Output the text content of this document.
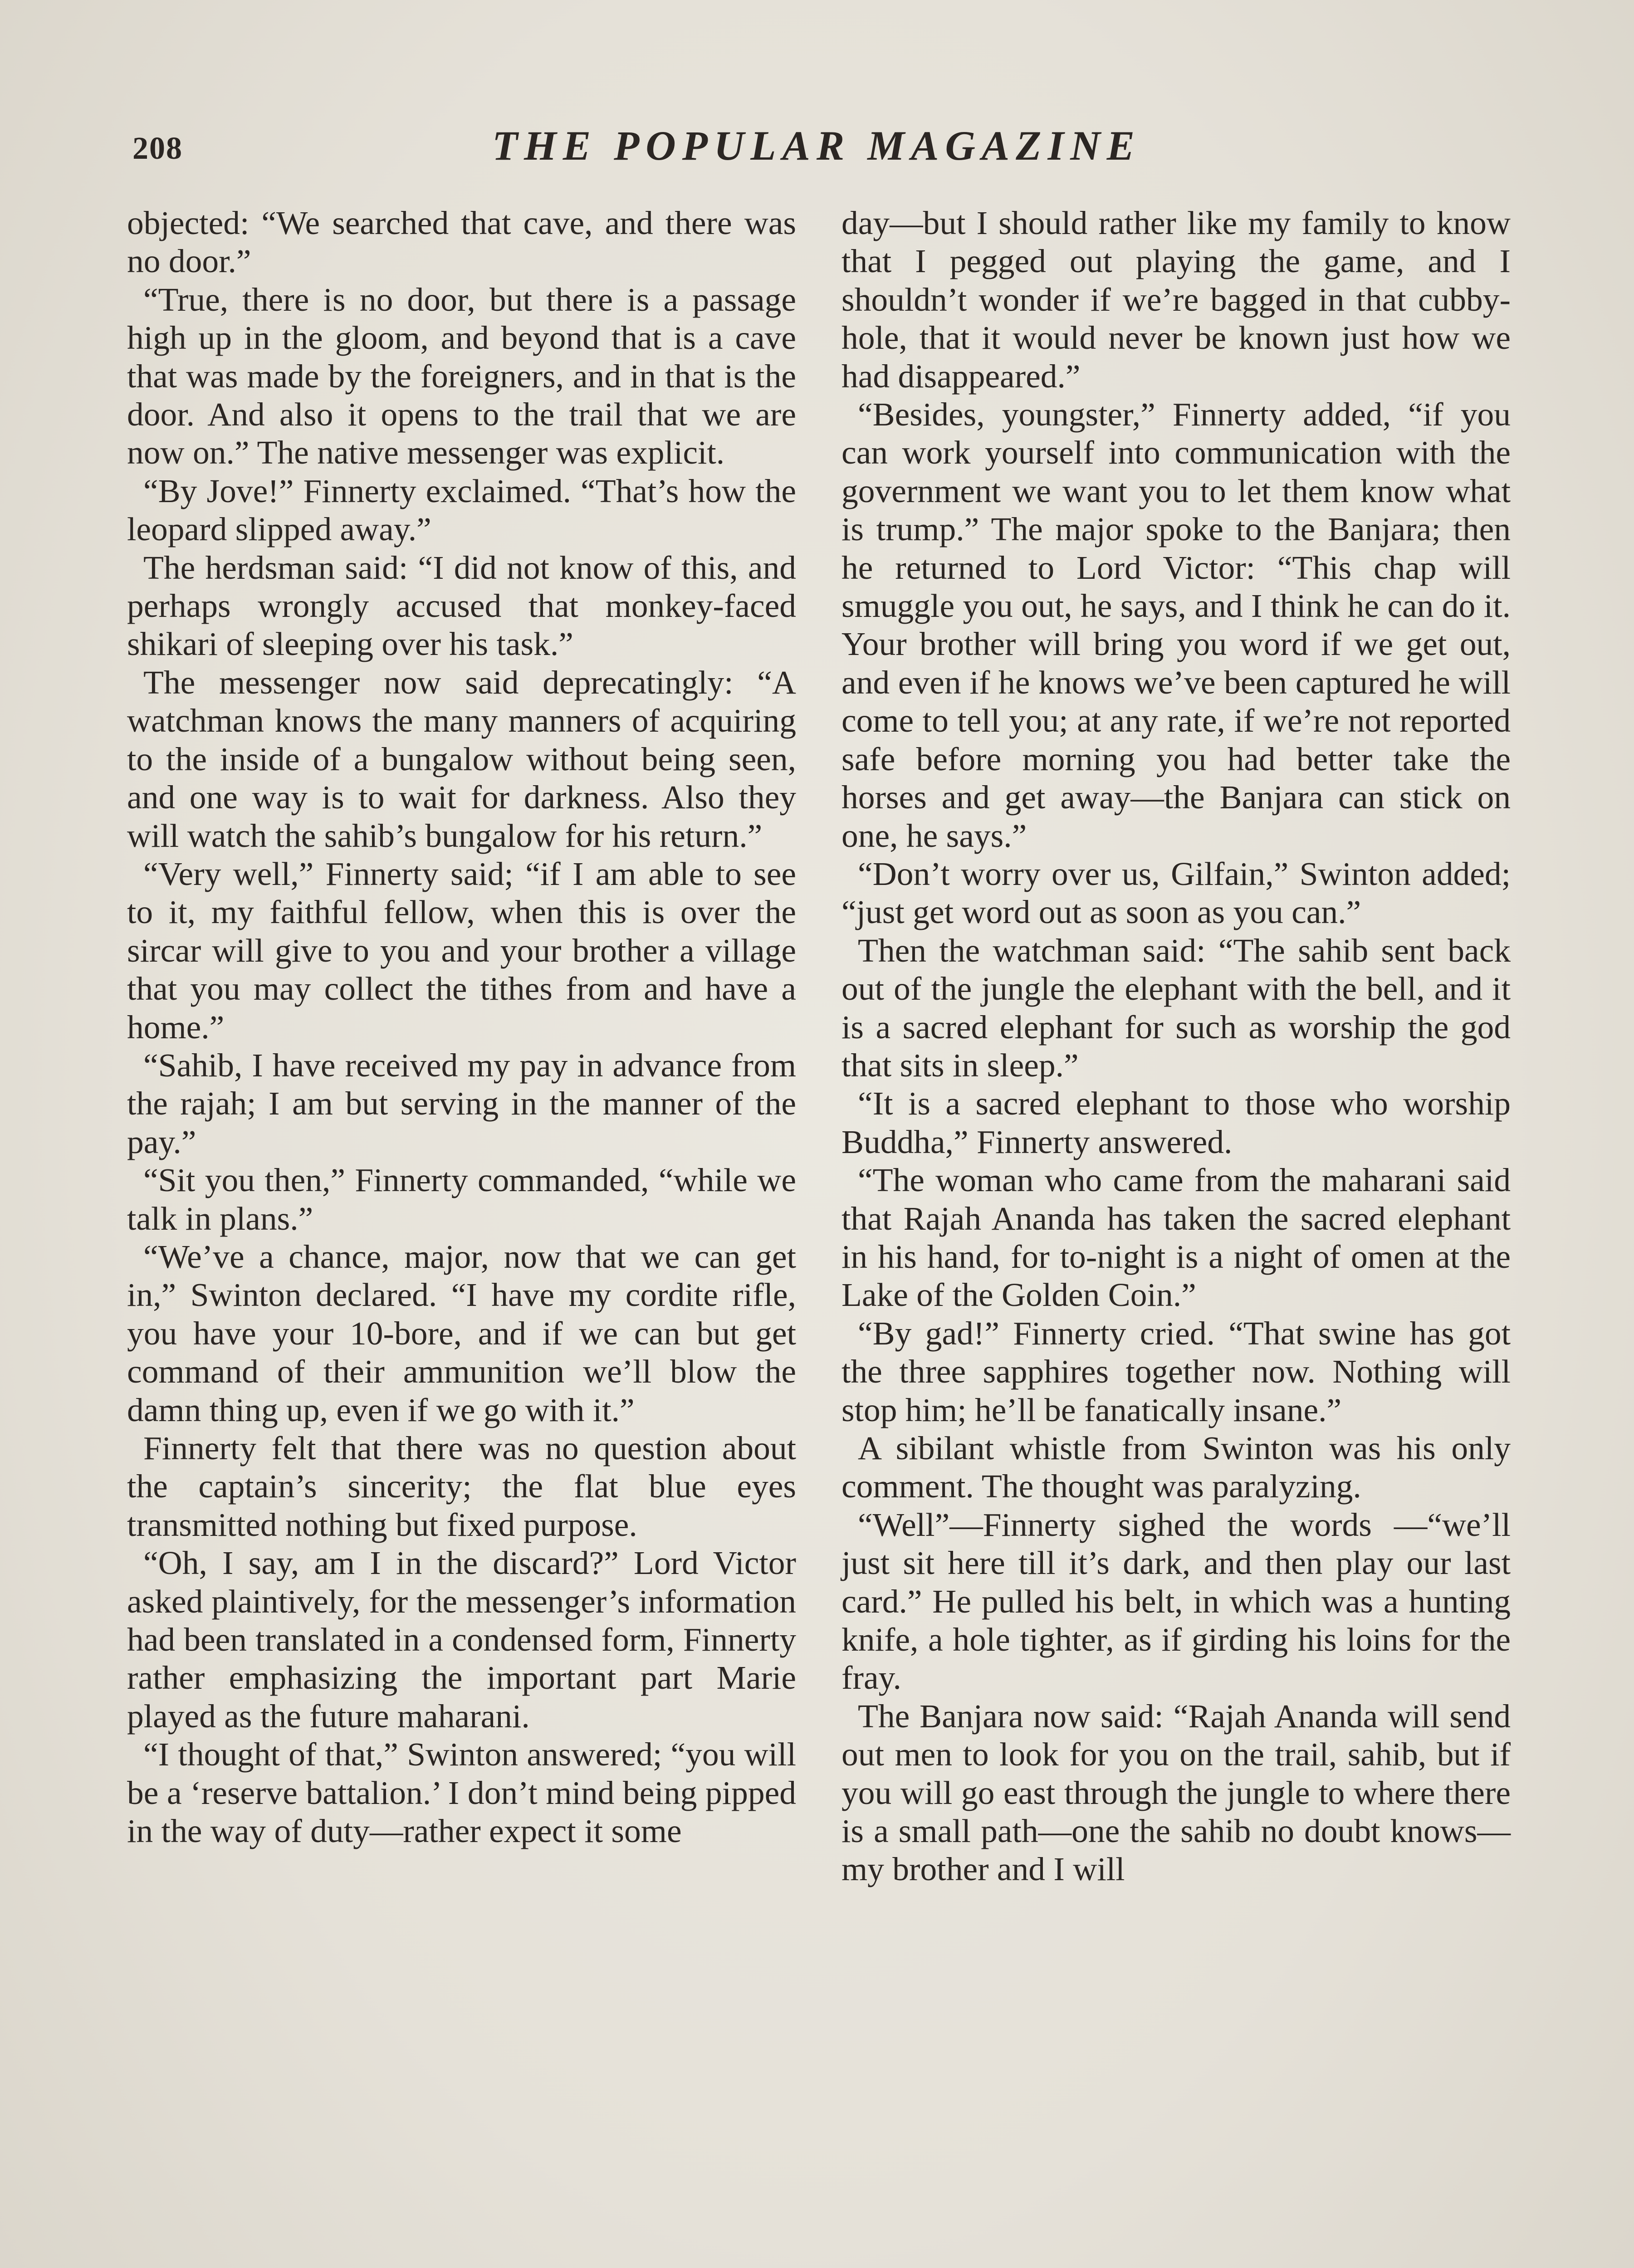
208	THE POPULAR MAGAZINE

objected: “We searched that cave, and there was no door.”

“True, there is no door, but there is a passage high up in the gloom, and beyond that is a cave that was made by the foreigners, and in that is the door. And also it opens to the trail that we are now on.” The native messenger was explicit.

“By Jove!” Finnerty exclaimed. “That’s how the leopard slipped away.”

The herdsman said: “I did not know of this, and perhaps wrongly accused that monkey-faced shikari of sleeping over his task.”

The messenger now said deprecatingly: “A watchman knows the many manners of acquiring to the inside of a bungalow without being seen, and one way is to wait for darkness. Also they will watch the sahib’s bungalow for his return.”

“Very well,” Finnerty said; “if I am able to see to it, my faithful fellow, when this is over the sircar will give to you and your brother a village that you may collect the tithes from and have a home.”

“Sahib, I have received my pay in advance from the rajah; I am but serving in the manner of the pay.”

“Sit you then,” Finnerty commanded, “while we talk in plans.”

“We’ve a chance, major, now that we can get in,” Swinton declared. “I have my cordite rifle, you have your 10-bore, and if we can but get command of their ammunition we’ll blow the damn thing up, even if we go with it.”

Finnerty felt that there was no question about the captain’s sincerity; the flat blue eyes transmitted nothing but fixed purpose.

“Oh, I say, am I in the discard?” Lord Victor asked plaintively, for the messenger’s information had been translated in a condensed form, Finnerty rather emphasizing the important part Marie played as the future maharani.

“I thought of that,” Swinton answered; “you will be a ‘reserve battalion.’ I don’t mind being pipped in the way of duty—rather expect it some

day—but I should rather like my family to know that I pegged out playing the game, and I shouldn’t wonder if we’re bagged in that cubby-hole, that it would never be known just how we had disappeared.”

“Besides, youngster,” Finnerty added, “if you can work yourself into communication with the government we want you to let them know what is trump.” The major spoke to the Banjara; then he returned to Lord Victor: “This chap will smuggle you out, he says, and I think he can do it. Your brother will bring you word if we get out, and even if he knows we’ve been captured he will come to tell you; at any rate, if we’re not reported safe before morning you had better take the horses and get away—the Banjara can stick on one, he says.”

“Don’t worry over us, Gilfain,” Swinton added; “just get word out as soon as you can.”

Then the watchman said: “The sahib sent back out of the jungle the elephant with the bell, and it is a sacred elephant for such as worship the god that sits in sleep.”

“It is a sacred elephant to those who worship Buddha,” Finnerty answered.

“The woman who came from the maharani said that Rajah Ananda has taken the sacred elephant in his hand, for to-night is a night of omen at the Lake of the Golden Coin.”

“By gad!” Finnerty cried. “That swine has got the three sapphires together now. Nothing will stop him; he’ll be fanatically insane.”

A sibilant whistle from Swinton was his only comment. The thought was paralyzing.

“Well”—Finnerty sighed the words —“we’ll just sit here till it’s dark, and then play our last card.” He pulled his belt, in which was a hunting knife, a hole tighter, as if girding his loins for the fray.

The Banjara now said: “Rajah Ananda will send out men to look for you on the trail, sahib, but if you will go east through the jungle to where there is a small path—one the sahib no doubt knows—my brother and I will
